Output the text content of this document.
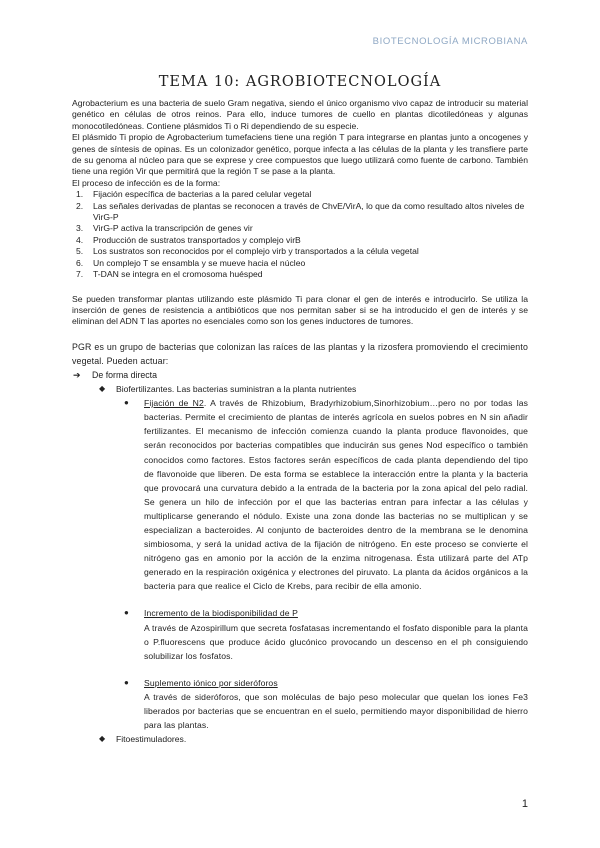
BIOTECNOLOGÍA MICROBIANA
TEMA 10: AGROBIOTECNOLOGÍA

Agrobacterium es una bacteria de suelo Gram negativa, siendo el único organismo vivo capaz de introducir su material genético en células de otros reinos. Para ello, induce tumores de cuello en plantas dicotiledóneas y algunas monocotiledóneas. Contiene plásmidos Ti o Ri dependiendo de su especie.

El plásmido Ti propio de Agrobacterium tumefaciens tiene una región T para integrarse en plantas junto a oncogenes y genes de síntesis de opinas. Es un colonizador genético, porque infecta a las células de la planta y les transfiere parte de su genoma al núcleo para que se exprese y cree compuestos que luego utilizará como fuente de carbono. También tiene una región Vir que permitirá que la región T se pase a la planta.

El proceso de infección es de la forma:

1. Fijación específica de bacterias a la pared celular vegetal
2. Las señales derivadas de plantas se reconocen a través de ChvE/VirA, lo que da como resultado altos niveles de VirG-P
3. VirG-P activa la transcripción de genes vir
4. Producción de sustratos transportados y complejo virB
5. Los sustratos son reconocidos por el complejo virb y transportados a la célula vegetal
6. Un complejo T se ensambla y se mueve hacia el núcleo
7. T-DAN se integra en el cromosoma huésped

Se pueden transformar plantas utilizando este plásmido Ti para clonar el gen de interés e introducirlo. Se utiliza la inserción de genes de resistencia a antibióticos que nos permitan saber si se ha introducido el gen de interés y se eliminan del ADN T las aportes no esenciales como son los genes inductores de tumores.

PGR es un grupo de bacterias que colonizan las raíces de las plantas y la rizosfera promoviendo el crecimiento vegetal. Pueden actuar:

➔ De forma directa
◆ Biofertilizantes. Las bacterias suministran a la planta nutrientes
● Fijación de N2. A través de Rhizobium, Bradyrhizobium,Sinorhizobium…pero no por todas las bacterias. Permite el crecimiento de plantas de interés agrícola en suelos pobres en N sin añadir fertilizantes. El mecanismo de infección comienza cuando la planta produce flavonoides, que serán reconocidos por bacterias compatibles que inducirán sus genes Nod específico o también conocidos como factores. Estos factores serán específicos de cada planta dependiendo del tipo de flavonoide que liberen. De esta forma se establece la interacción entre la planta y la bacteria que provocará una curvatura debido a la entrada de la bacteria por la zona apical del pelo radial. Se genera un hilo de infección por el que las bacterias entran para infectar a las células y multiplicarse generando el nódulo. Existe una zona donde las bacterias no se multiplican y se especializan a bacteroides. Al conjunto de bacteroides dentro de la membrana se le denomina simbiosoma, y será la unidad activa de la fijación de nitrógeno. En este proceso se convierte el nitrógeno gas en amonio por la acción de la enzima nitrogenasa. Ésta utilizará parte del ATp generado en la respiración oxigénica y electrones del piruvato. La planta da ácidos orgánicos a la bacteria para que realice el Ciclo de Krebs, para recibir de ella amonio.
● Incremento de la biodisponibilidad de P
A través de Azospirillum que secreta fosfatasas incrementando el fosfato disponible para la planta o P.fluorescens que produce ácido glucónico provocando un descenso en el ph consiguiendo solubilizar los fosfatos.
● Suplemento iónico por sideróforos
A través de sideróforos, que son moléculas de bajo peso molecular que quelan los iones Fe3 liberados por bacterias que se encuentran en el suelo, permitiendo mayor disponibilidad de hierro para las plantas.
◆ Fitoestimuladores.
1
